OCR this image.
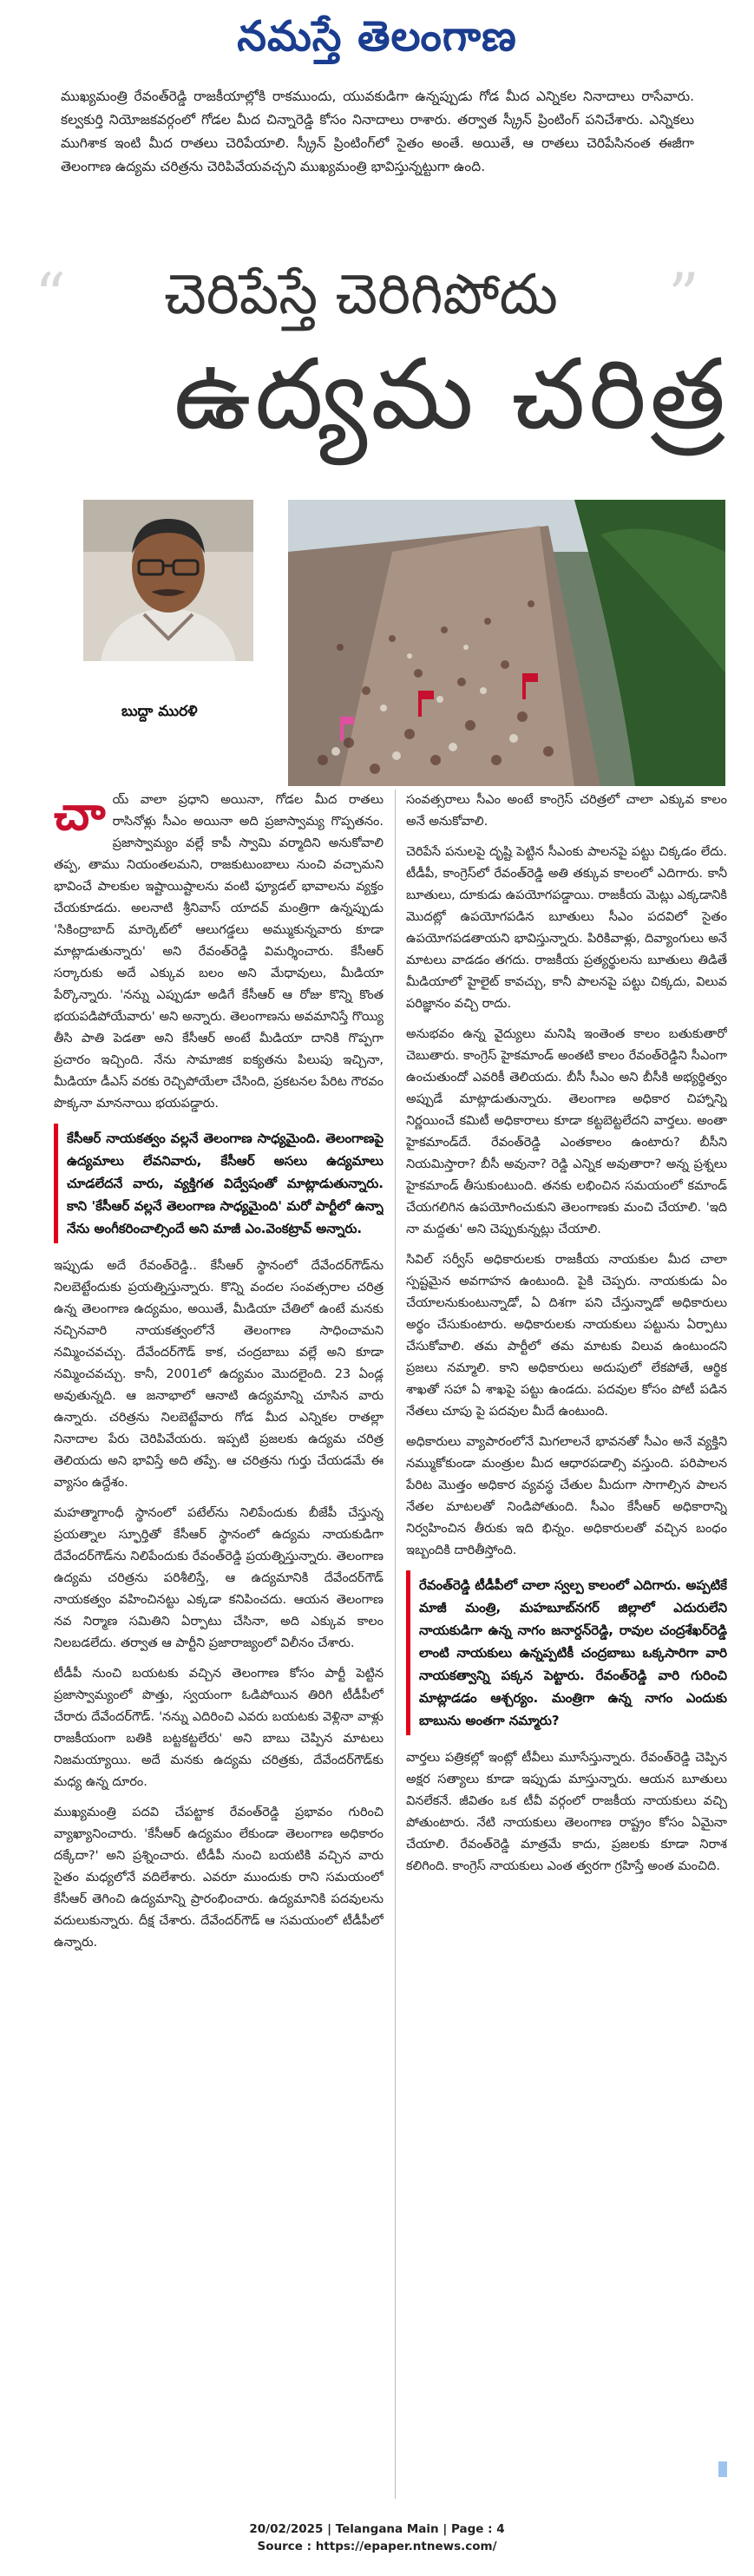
నమస్తే తెలంగాణ
ముఖ్యమంత్రి రేవంత్‌రెడ్డి రాజకీయాల్లోకి రాకముందు, యువకుడిగా ఉన్నప్పుడు గోడ మీద ఎన్నికల నినాదాలు రాసేవారు. కల్వకుర్తి నియోజకవర్గంలో గోడల మీద చిన్నారెడ్డి కోసం నినాదాలు రాశారు. తర్వాత స్క్రీన్ ప్రింటింగ్ పనిచేశారు. ఎన్నికలు ముగిశాక ఇంటి మీద రాతలు చెరిపేయాలి. స్క్రీన్ ప్రింటింగ్‌లో సైతం అంతే. అయితే, ఆ రాతలు చెరిపేసినంత ఈజీగా తెలంగాణ ఉద్యమ చరిత్రను చెరిపివేయవచ్చని ముఖ్యమంత్రి భావిస్తున్నట్టుగా ఉంది.
“	”
చెరిపేస్తే చెరిగిపోదు
ఉద్యమ చరిత్ర
బుద్దా మురళి

చాయ్ వాలా ప్రధాని అయినా, గోడల మీద రాతలు రాసినోళ్లు సీఎం అయినా అది ప్రజాస్వామ్య గొప్పతనం. ప్రజాస్వామ్యం వల్లే కాపీ స్వామి వర్మాదిని అనుకోవాలి తప్ప, తాము నియంతలమని, రాజకుటుంబాలు నుంచి వచ్చామని భావించే పాలకుల ఇష్టాయిష్టాలను వంటి ఫ్యూడల్ భావాలను వ్యక్తం చేయకూడదు. అలనాటి శ్రీనివాస్ యాదవ్ మంత్రిగా ఉన్నప్పుడు 'సికింద్రాబాద్ మార్కెట్‌లో ఆలుగడ్డలు అమ్ముకున్నవారు కూడా మాట్లాడుతున్నారు' అని రేవంత్‌రెడ్డి విమర్శించారు. కేసీఆర్ సర్కారుకు అదే ఎక్కువ బలం అని మేధావులు, మీడియా పేర్కొన్నారు. 'నన్ను ఎప్పుడూ అడిగే కేసీఆర్ ఆ రోజు కొన్ని కొంత భయపడిపోయేవారు' అని అన్నారు. తెలంగాణను అవమానిస్తే గొయ్యి తీసి పాతి పెడతా అని కేసీఆర్ అంటే మీడియా దానికి గొప్పగా ప్రచారం ఇచ్చింది. నేను సామాజిక ఐక్యతను పిలుపు ఇచ్చినా, మీడియా డీఎస్ వరకు రెచ్చిపోయేలా చేసింది, ప్రకటనల పేరిట గౌరవం పొక్కనా మాననాయి భయపడ్డారు.

కేసీఆర్ నాయకత్వం వల్లనే తెలంగాణ సాధ్యమైంది. తెలంగాణపై ఉద్యమాలు లేవనివారు, కేసీఆర్ అసలు ఉద్యమాలు చూడలేదనే వారు, వ్యక్తిగత విద్వేషంతో మాట్లాడుతున్నారు. కాని 'కేసీఆర్ వల్లనే తెలంగాణ సాధ్యమైంది' మరో పార్టీలో ఉన్నా నేను అంగీకరించాల్సిందే అని మాజీ ఎం.వెంకట్రావ్ అన్నారు.

ఇప్పుడు అదే రేవంత్‌రెడ్డి.. కేసీఆర్ స్థానంలో దేవేందర్‌గౌడ్‌ను నిలబెట్టేందుకు ప్రయత్నిస్తున్నారు. కొన్ని వందల సంవత్సరాల చరిత్ర ఉన్న తెలంగాణ ఉద్యమం, అయితే, మీడియా చేతిలో ఉంటే మనకు నచ్చినవారి నాయకత్వంలోనే తెలంగాణ సాధించామని నమ్మించవచ్చు. దేవేందర్‌గౌడ్ కాక, చంద్రబాబు వల్లే అని కూడా నమ్మించవచ్చు. కానీ, 2001లో ఉద్యమం మొదలైంది. 23 ఏండ్ల అవుతున్నది. ఆ జనాభాలో ఆనాటి ఉద్యమాన్ని చూసిన వారు ఉన్నారు. చరిత్రను నిలబెట్టేవారు గోడ మీద ఎన్నికల రాతల్లా నినాదాల పేరు చెరిపివేయరు. ఇప్పటి ప్రజలకు ఉద్యమ చరిత్ర తెలియదు అని భావిస్తే అది తప్పే. ఆ చరిత్రను గుర్తు చేయడమే ఈ వ్యాసం ఉద్దేశం.

మహత్మాగాంధీ స్థానంలో పటేల్‌ను నిలిపేందుకు బీజేపీ చేస్తున్న ప్రయత్నాల స్ఫూర్తితో కేసీఆర్ స్థానంలో ఉద్యమ నాయకుడిగా దేవేందర్‌గౌడ్‌ను నిలిపేందుకు రేవంత్‌రెడ్డి ప్రయత్నిస్తున్నారు. తెలంగాణ ఉద్యమ చరిత్రను పరిశీలిస్తే, ఆ ఉద్యమానికి దేవేందర్‌గౌడ్ నాయకత్వం వహించినట్టు ఎక్కడా కనిపించదు. ఆయన తెలంగాణ నవ నిర్మాణ సమితిని ఏర్పాటు చేసినా, అది ఎక్కువ కాలం నిలబడలేదు. తర్వాత ఆ పార్టీని ప్రజారాజ్యంలో విలీనం చేశారు.

టీడీపీ నుంచి బయటకు వచ్చిన తెలంగాణ కోసం పార్టీ పెట్టిన ప్రజాస్వామ్యంలో పొత్తు, స్వయంగా ఓడిపోయిన తిరిగి టీడీపీలో చేరారు దేవేందర్‌గౌడ్. 'నన్ను ఎదిరించి ఎవరు బయటకు వెళ్లినా వాళ్లు రాజకీయంగా బతికి బట్టకట్టలేరు' అని బాబు చెప్పిన మాటలు నిజమయ్యాయి. అదే మనకు ఉద్యమ చరిత్రకు, దేవేందర్‌గౌడ్‌కు మధ్య ఉన్న దూరం.

ముఖ్యమంత్రి పదవి చేపట్టాక రేవంత్‌రెడ్డి ప్రభావం గురించి వ్యాఖ్యానించారు. 'కేసీఆర్ ఉద్యమం లేకుండా తెలంగాణ అధికారం దక్కేదా?' అని ప్రశ్నించారు. టీడీపీ నుంచి బయటికి వచ్చిన వారు సైతం మధ్యలోనే వదిలేశారు. ఎవరూ ముందుకు రాని సమయంలో కేసీఆర్ తెగించి ఉద్యమాన్ని ప్రారంభించారు. ఉద్యమానికి పదవులను వదులుకున్నారు. దీక్ష చేశారు. దేవేందర్‌గౌడ్ ఆ సమయంలో టీడీపీలో ఉన్నారు.

సంవత్సరాలు సీఎం అంటే కాంగ్రెస్ చరిత్రలో చాలా ఎక్కువ కాలం అనే అనుకోవాలి.

చెరిపేసే పనులపై దృష్టి పెట్టిన సీఎంకు పాలనపై పట్టు చిక్కడం లేదు. టీడీపీ, కాంగ్రెస్‌లో రేవంత్‌రెడ్డి అతి తక్కువ కాలంలో ఎదిగారు. కానీ బూతులు, దూకుడు ఉపయోగపడ్డాయి. రాజకీయ మెట్లు ఎక్కడానికి మొదట్లో ఉపయోగపడిన బూతులు సీఎం పదవిలో సైతం ఉపయోగపడతాయని భావిస్తున్నారు. పిరికివాళ్లు, దివ్యాంగులు అనే మాటలు వాడడం తగదు. రాజకీయ ప్రత్యర్థులను బూతులు తిడితే మీడియాలో హైలైట్ కావచ్చు, కానీ పాలనపై పట్టు చిక్కదు, విలువ పరిజ్ఞానం వచ్చి రాదు.

అనుభవం ఉన్న వైద్యులు మనిషి ఇంతెంత కాలం బతుకుతారో చెబుతారు. కాంగ్రెస్ హైకమాండ్ అంతటి కాలం రేవంత్‌రెడ్డిని సీఎంగా ఉంచుతుందో ఎవరికీ తెలియదు. బీసీ సీఎం అని బీసీకి అభ్యర్థిత్వం అప్పుడే మాట్లాడుతున్నారు. తెలంగాణ అధికార చిహ్నాన్ని నిర్ణయించే కమిటీ అధికారాలు కూడా కట్టబెట్టలేదని వార్తలు. అంతా హైకమాండ్‌దే. రేవంత్‌రెడ్డి ఎంతకాలం ఉంటారు? బీసీని నియమిస్తారా? బీసీ అవునా? రెడ్డి ఎన్నిక అవుతారా? అన్న ప్రశ్నలు హైకమాండ్ తీసుకుంటుంది. తనకు లభించిన సమయంలో కమాండ్ చేయగలిగిన ఉపయోగించుకుని తెలంగాణకు మంచి చేయాలి. 'ఇది నా మద్దతు' అని చెప్పుకున్నట్లు చేయాలి.

సివిల్ సర్వీస్ అధికారులకు రాజకీయ నాయకుల మీద చాలా స్పష్టమైన అవగాహన ఉంటుంది. పైకి చెప్పరు. నాయకుడు ఏం చేయాలనుకుంటున్నాడో, ఏ దిశగా పని చేస్తున్నాడో అధికారులు అర్థం చేసుకుంటారు. అధికారులకు నాయకులు పట్టును ఏర్పాటు చేసుకోవాలి. తమ పార్టీలో తమ మాటకు విలువ ఉంటుందని ప్రజలు నమ్మాలి. కాని అధికారులు అదుపులో లేకపోతే, ఆర్థిక శాఖతో సహా ఏ శాఖపై పట్టు ఉండదు. పదవుల కోసం పోటీ పడిన నేతలు చూపు పై పదవుల మీదే ఉంటుంది.

అధికారులు వ్యాపారంలోనే మిగలాలనే భావనతో సీఎం అనే వ్యక్తిని నమ్ముకోకుండా మంత్రుల మీద ఆధారపడాల్సి వస్తుంది. పరిపాలన పేరిట మొత్తం అధికార వ్యవస్థ చేతుల మీదుగా సాగాల్సిన పాలన నేతల మాటలతో నిండిపోతుంది. సీఎం కేసీఆర్ అధికారాన్ని నిర్వహించిన తీరుకు ఇది భిన్నం. అధికారులతో వచ్చిన బంధం ఇబ్బందికి దారితీస్తోంది.

రేవంత్‌రెడ్డి టీడీపీలో చాలా స్వల్ప కాలంలో ఎదిగారు. అప్పటికే మాజీ మంత్రి, మహబూబ్‌నగర్ జిల్లాలో ఎదురులేని నాయకుడిగా ఉన్న నాగం జనార్దన్‌రెడ్డి, రావుల చంద్రశేఖర్‌రెడ్డి లాంటి నాయకులు ఉన్నప్పటికీ చంద్రబాబు ఒక్కసారిగా వారి నాయకత్వాన్ని పక్కన పెట్టారు. రేవంత్‌రెడ్డి వారి గురించి మాట్లాడడం ఆశ్చర్యం. మంత్రిగా ఉన్న నాగం ఎందుకు బాబును అంతగా నమ్మారు?

వార్తలు పత్రికల్లో ఇంట్లో టీవీలు మూసేస్తున్నారు. రేవంత్‌రెడ్డి చెప్పిన అక్షర సత్యాలు కూడా ఇప్పుడు మాస్తున్నారు. ఆయన బూతులు వినలేకనే. జీవితం ఒక టీవీ వర్గంలో రాజకీయ నాయకులు వచ్చి పోతుంటారు. నేటి నాయకులు తెలంగాణ రాష్ట్రం కోసం ఏమైనా చేయాలి. రేవంత్‌రెడ్డి మాత్రమే కాదు, ప్రజలకు కూడా నిరాశ కలిగింది. కాంగ్రెస్ నాయకులు ఎంత త్వరగా గ్రహిస్తే అంత మంచిది.

20/02/2025 | Telangana Main | Page : 4
Source : https://epaper.ntnews.com/
